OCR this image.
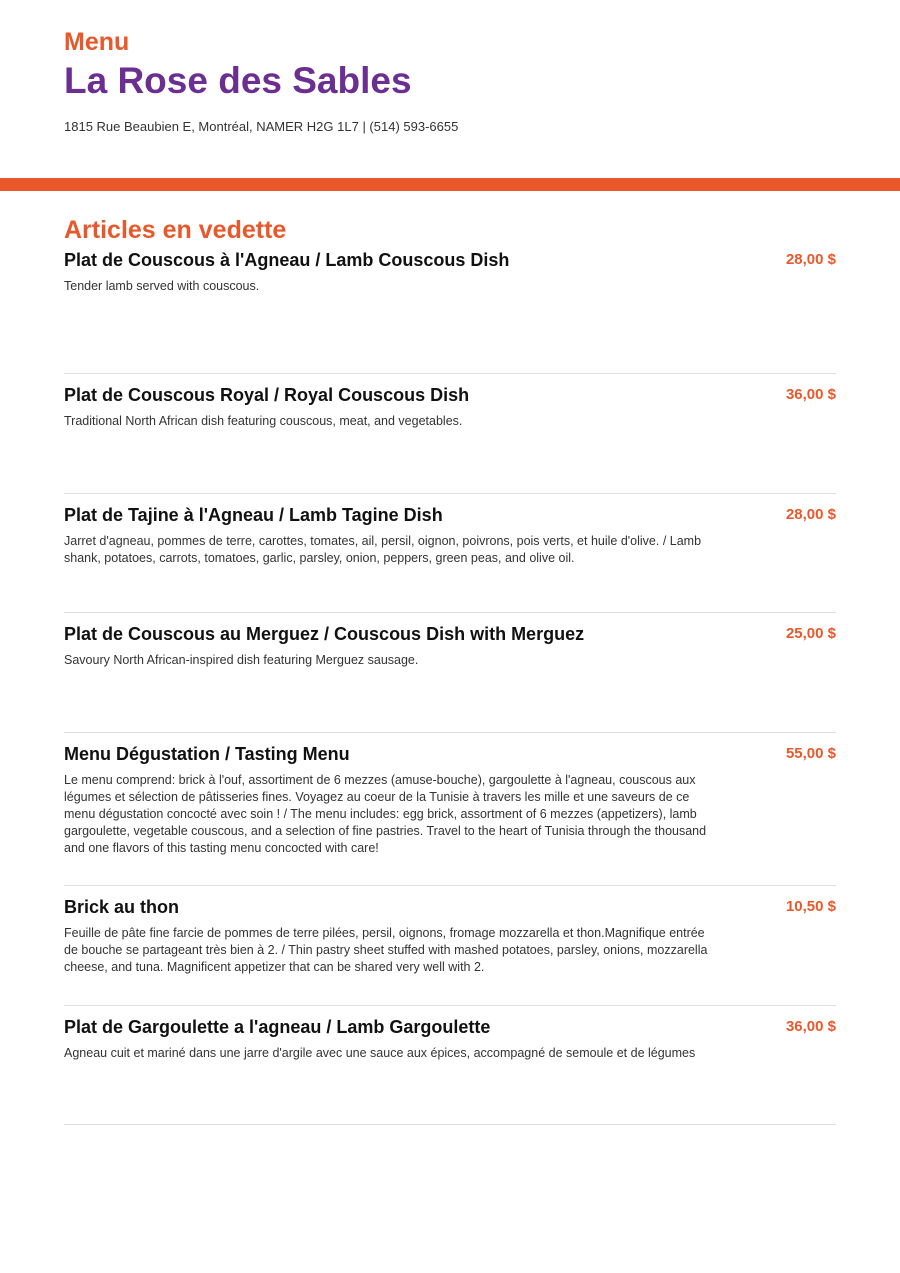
Menu

La Rose des Sables

1815 Rue Beaubien E, Montréal, NAMER H2G 1L7 | (514) 593-6655

Articles en vedette

Plat de Couscous à l'Agneau / Lamb Couscous Dish	28,00 $

Tender lamb served with couscous.

Plat de Couscous Royal / Royal Couscous Dish	36,00 $

Traditional North African dish featuring couscous, meat, and vegetables.

Plat de Tajine à l'Agneau / Lamb Tagine Dish	28,00 $

Jarret d'agneau, pommes de terre, carottes, tomates, ail, persil, oignon, poivrons, pois verts, et huile d'olive. / Lamb shank, potatoes, carrots, tomatoes, garlic, parsley, onion, peppers, green peas, and olive oil.

Plat de Couscous au Merguez / Couscous Dish with Merguez	25,00 $

Savoury North African-inspired dish featuring Merguez sausage.

Menu Dégustation / Tasting Menu	55,00 $

Le menu comprend: brick à l'ouf, assortiment de 6 mezzes (amuse-bouche), gargoulette à l'agneau, couscous aux légumes et sélection de pâtisseries fines. Voyagez au coeur de la Tunisie à travers les mille et une saveurs de ce menu dégustation concocté avec soin ! / The menu includes: egg brick, assortment of 6 mezzes (appetizers), lamb gargoulette, vegetable couscous, and a selection of fine pastries. Travel to the heart of Tunisia through the thousand and one flavors of this tasting menu concocted with care!

Brick au thon	10,50 $

Feuille de pâte fine farcie de pommes de terre pilées, persil, oignons, fromage mozzarella et thon.Magnifique entrée de bouche se partageant très bien à 2. / Thin pastry sheet stuffed with mashed potatoes, parsley, onions, mozzarella cheese, and tuna. Magnificent appetizer that can be shared very well with 2.

Plat de Gargoulette a l'agneau / Lamb Gargoulette	36,00 $

Agneau cuit et mariné dans une jarre d'argile avec une sauce aux épices, accompagné de semoule et de légumes
